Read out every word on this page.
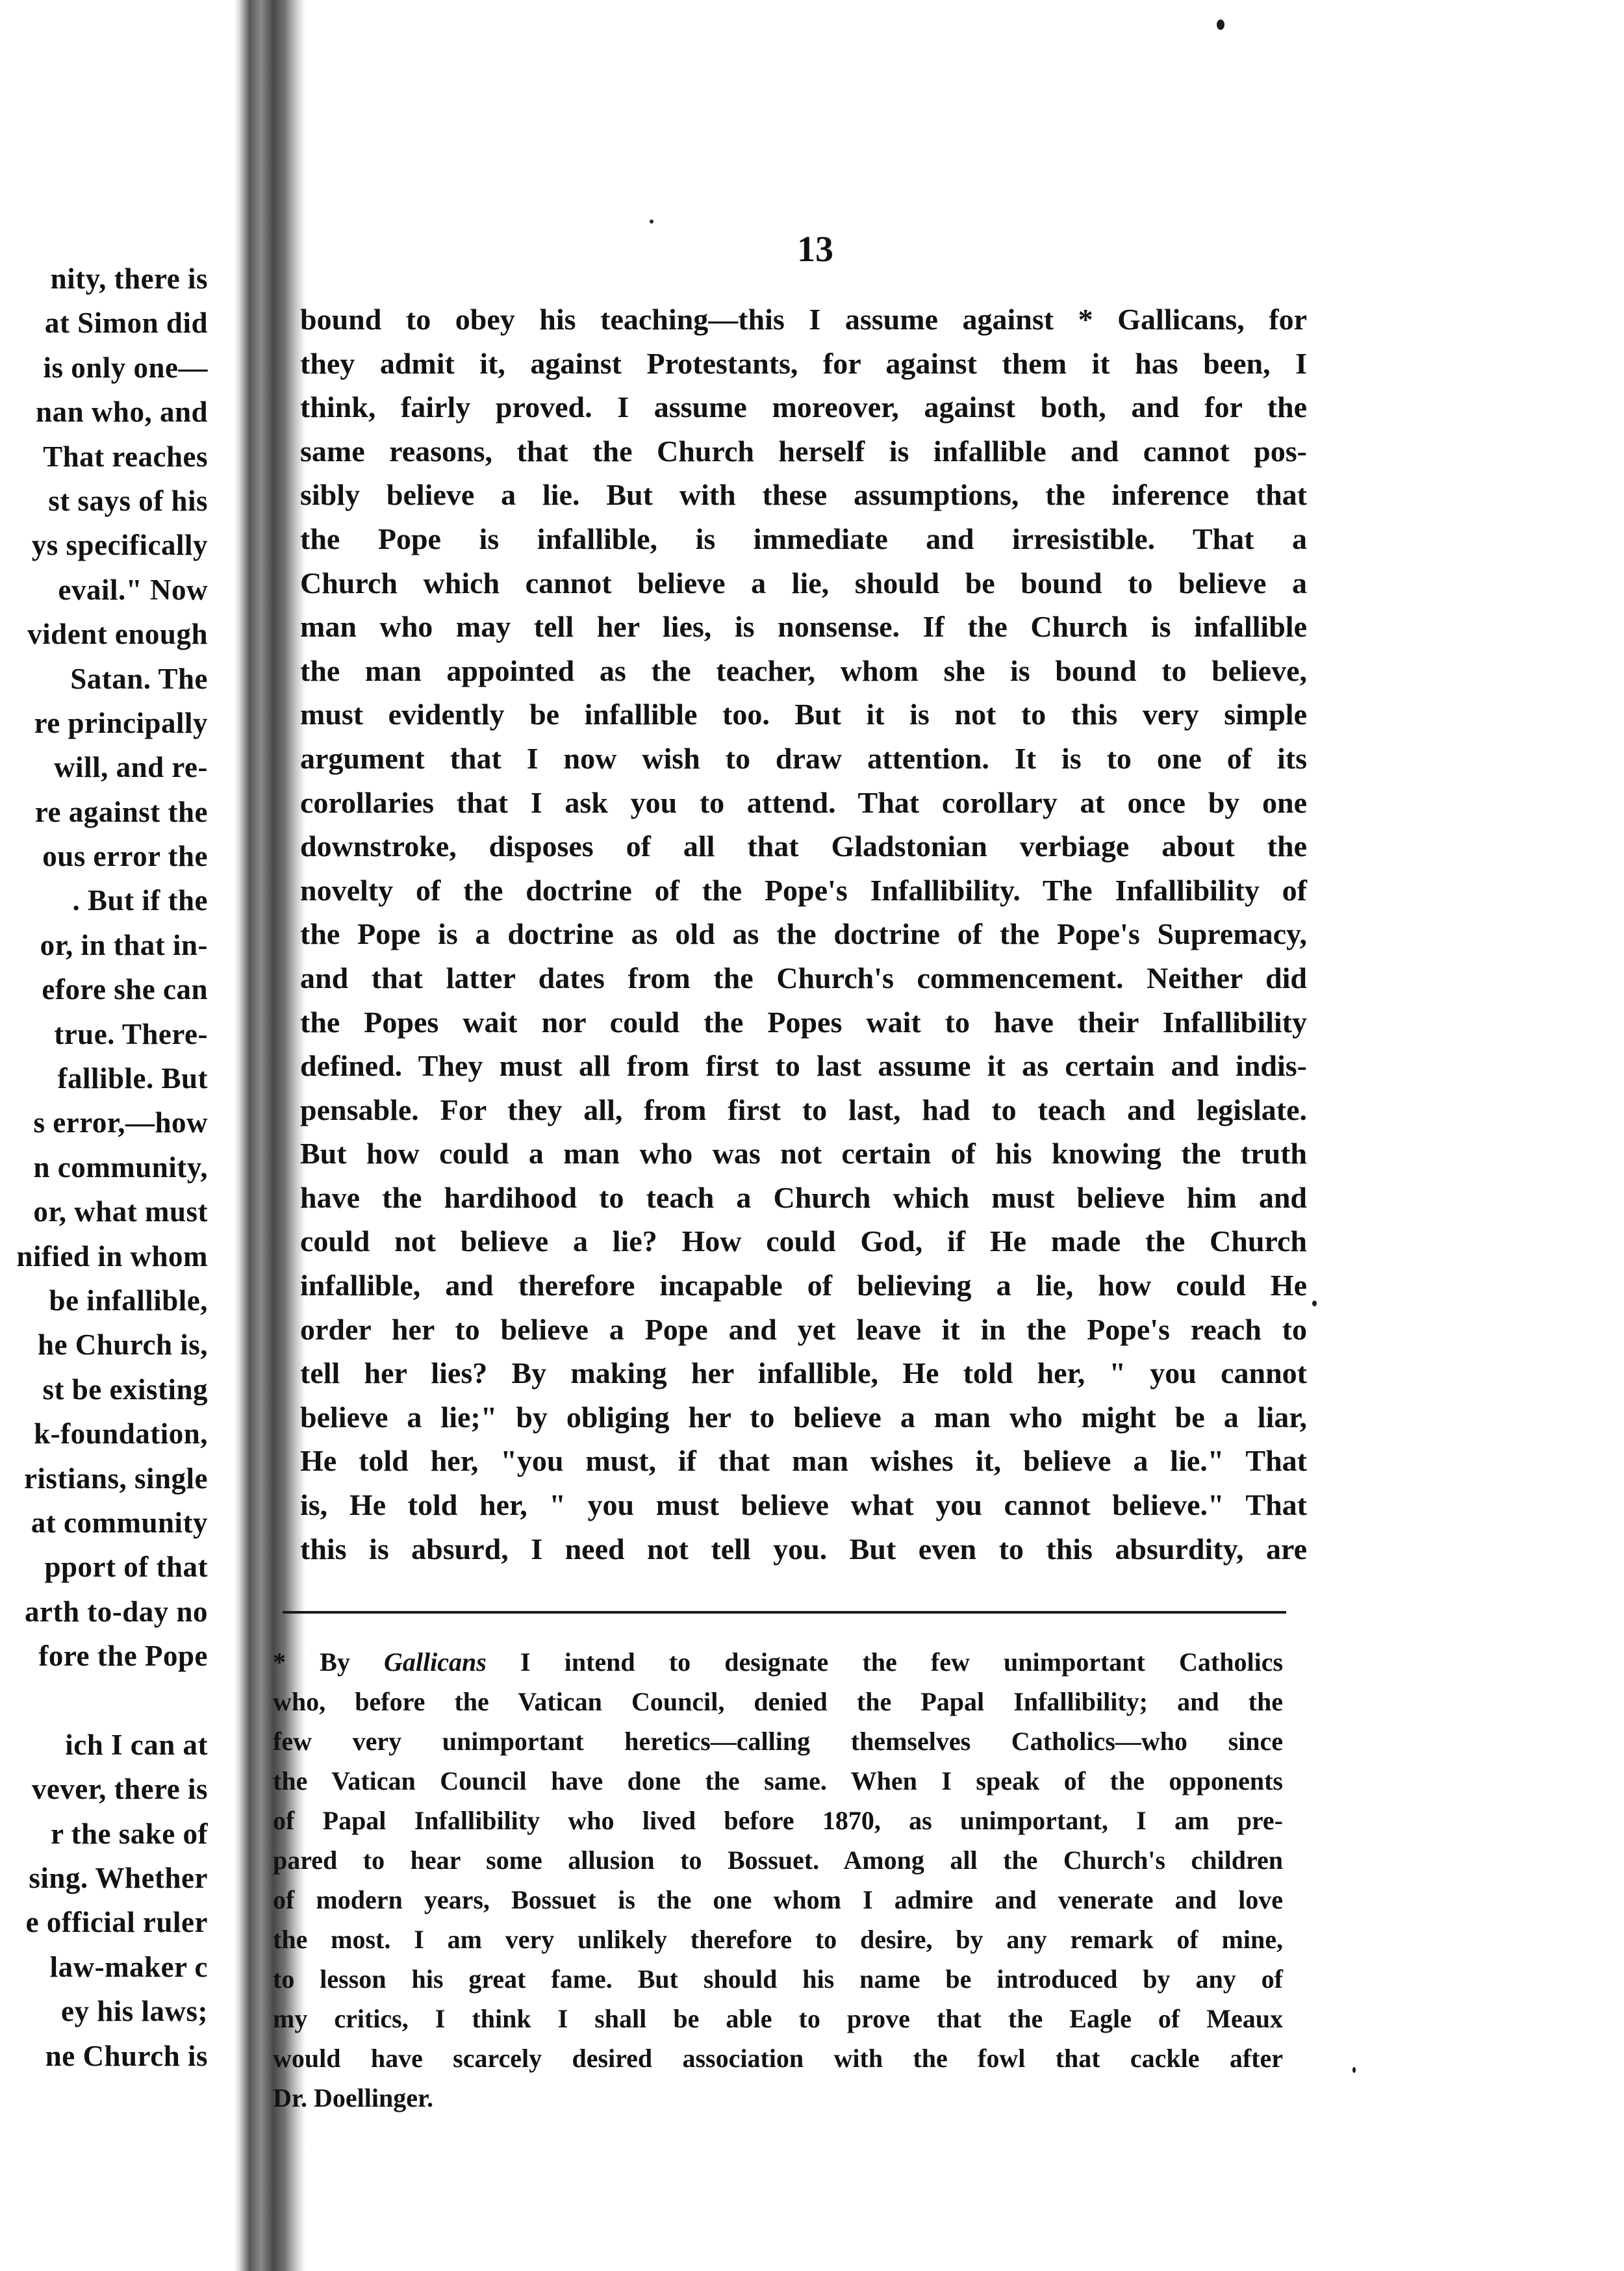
nity, there is
at Simon did
is only one—
nan who, and
That reaches
st says of his
ys specifically
evail." Now
vident enough
Satan. The
re principally
will, and re-
re against the
ous error the
. But if the
or, in that in-
efore she can
true. There-
fallible. But
s error,—how
n community,
or, what must
nified in whom
be infallible,
he Church is,
st be existing
k-foundation,
ristians, single
at community
pport of that
arth to-day no
fore the Pope
ich I can at
vever, there is
r the sake of
sing. Whether
e official ruler
law-maker c
ey his laws;
ne Church is
13
bound to obey his teaching—this I assume against * Gallicans, for
they admit it, against Protestants, for against them it has been, I
think, fairly proved. I assume moreover, against both, and for the
same reasons, that the Church herself is infallible and cannot pos-
sibly believe a lie. But with these assumptions, the inference that
the Pope is infallible, is immediate and irresistible. That a
Church which cannot believe a lie, should be bound to believe a
man who may tell her lies, is nonsense. If the Church is infallible
the man appointed as the teacher, whom she is bound to believe,
must evidently be infallible too. But it is not to this very simple
argument that I now wish to draw attention. It is to one of its
corollaries that I ask you to attend. That corollary at once by one
downstroke, disposes of all that Gladstonian verbiage about the
novelty of the doctrine of the Pope's Infallibility. The Infallibility of
the Pope is a doctrine as old as the doctrine of the Pope's Supremacy,
and that latter dates from the Church's commencement. Neither did
the Popes wait nor could the Popes wait to have their Infallibility
defined. They must all from first to last assume it as certain and indis-
pensable. For they all, from first to last, had to teach and legislate.
But how could a man who was not certain of his knowing the truth
have the hardihood to teach a Church which must believe him and
could not believe a lie? How could God, if He made the Church
infallible, and therefore incapable of believing a lie, how could He
order her to believe a Pope and yet leave it in the Pope's reach to
tell her lies? By making her infallible, He told her, " you cannot
believe a lie;" by obliging her to believe a man who might be a liar,
He told her, "you must, if that man wishes it, believe a lie." That
is, He told her, " you must believe what you cannot believe." That
this is absurd, I need not tell you. But even to this absurdity, are
* By Gallicans I intend to designate the few unimportant Catholics
who, before the Vatican Council, denied the Papal Infallibility; and the
few very unimportant heretics—calling themselves Catholics—who since
the Vatican Council have done the same. When I speak of the opponents
of Papal Infallibility who lived before 1870, as unimportant, I am pre-
pared to hear some allusion to Bossuet. Among all the Church's children
of modern years, Bossuet is the one whom I admire and venerate and love
the most. I am very unlikely therefore to desire, by any remark of mine,
to lesson his great fame. But should his name be introduced by any of
my critics, I think I shall be able to prove that the Eagle of Meaux
would have scarcely desired association with the fowl that cackle after
Dr. Doellinger.
